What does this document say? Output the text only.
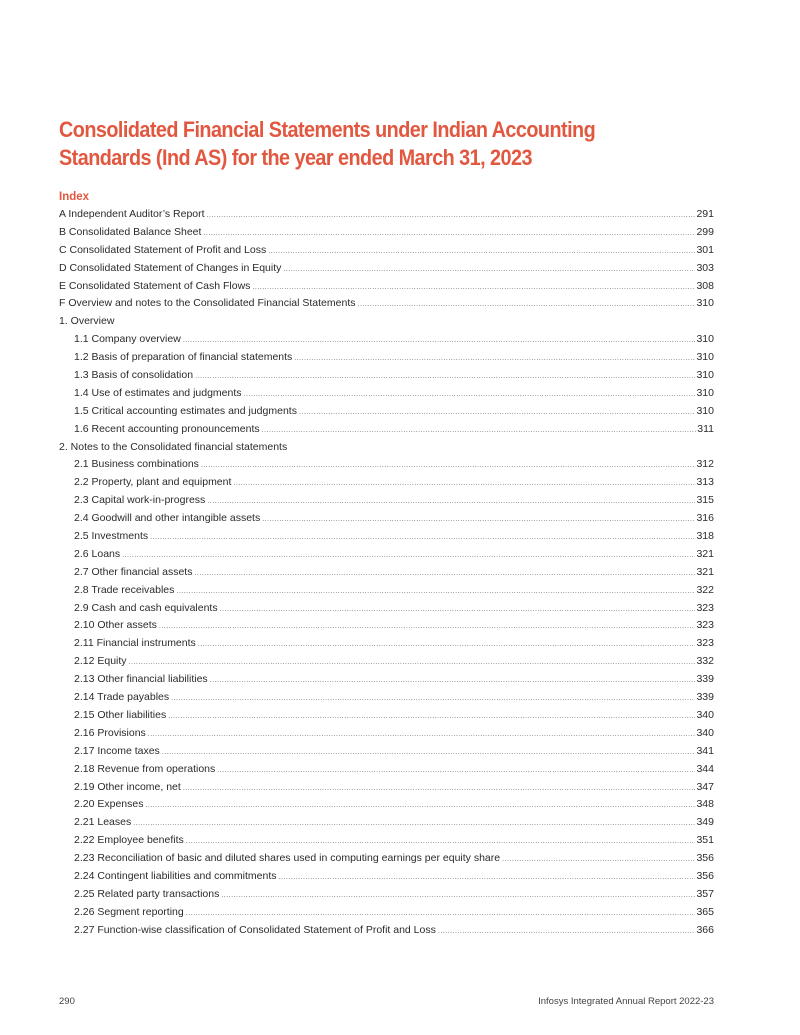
Consolidated Financial Statements under Indian Accounting Standards (Ind AS) for the year ended March 31, 2023
Index
A Independent Auditor’s Report .....	291
B Consolidated Balance Sheet .....	299
C Consolidated Statement of Profit and Loss .....	301
D Consolidated Statement of Changes in Equity .....	303
E Consolidated Statement of Cash Flows .....	308
F Overview and notes to the Consolidated Financial Statements .....	310
1. Overview
1.1 Company overview .....	310
1.2 Basis of preparation of financial statements .....	310
1.3 Basis of consolidation .....	310
1.4 Use of estimates and judgments .....	310
1.5 Critical accounting estimates and judgments .....	310
1.6 Recent accounting pronouncements .....	311
2. Notes to the Consolidated financial statements
2.1 Business combinations .....	312
2.2 Property, plant and equipment .....	313
2.3 Capital work-in-progress .....	315
2.4 Goodwill and other intangible assets .....	316
2.5 Investments .....	318
2.6 Loans .....	321
2.7 Other financial assets .....	321
2.8 Trade receivables .....	322
2.9 Cash and cash equivalents .....	323
2.10 Other assets .....	323
2.11 Financial instruments .....	323
2.12 Equity .....	332
2.13 Other financial liabilities .....	339
2.14 Trade payables .....	339
2.15 Other liabilities .....	340
2.16 Provisions .....	340
2.17 Income taxes .....	341
2.18 Revenue from operations .....	344
2.19 Other income, net .....	347
2.20 Expenses .....	348
2.21 Leases .....	349
2.22 Employee benefits .....	351
2.23 Reconciliation of basic and diluted shares used in computing earnings per equity share .....	356
2.24 Contingent liabilities and commitments .....	356
2.25 Related party transactions .....	357
2.26 Segment reporting .....	365
2.27 Function-wise classification of Consolidated Statement of Profit and Loss .....	366
290	Infosys Integrated Annual Report 2022-23
